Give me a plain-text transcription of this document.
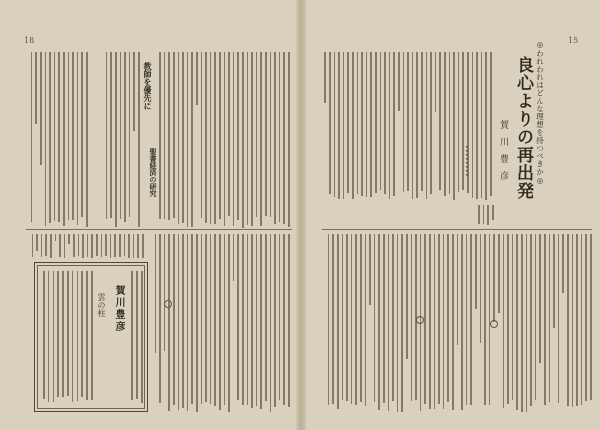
18
教師を優先に
聖書経済の研究
賀川豊彦
雲の柱
15
◎われわれはどんな理想を持つべきか◎
良心よりの再出発
賀川豊彦
